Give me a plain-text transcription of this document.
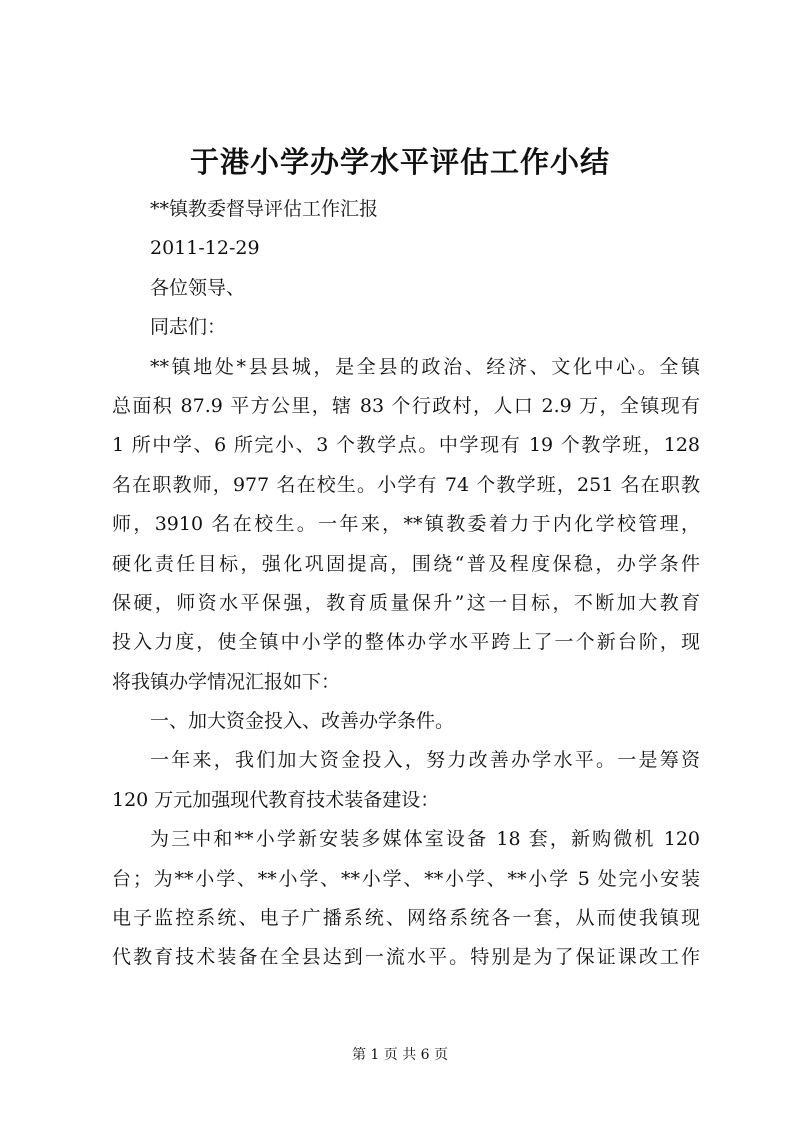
于港小学办学水平评估工作小结
**镇教委督导评估工作汇报
2011-12-29
各位领导、
同志们：
**镇地处*县县城，是全县的政治、经济、文化中心。全镇
总面积 87.9 平方公里，辖 83 个行政村，人口 2.9 万，全镇现有
1 所中学、6 所完小、3 个教学点。中学现有 19 个教学班，128
名在职教师，977 名在校生。小学有 74 个教学班，251 名在职教
师，3910 名在校生。一年来，**镇教委着力于内化学校管理，
硬化责任目标，强化巩固提高，围绕“普及程度保稳，办学条件
保硬，师资水平保强，教育质量保升”这一目标，不断加大教育
投入力度，使全镇中小学的整体办学水平跨上了一个新台阶，现
将我镇办学情况汇报如下：
一、加大资金投入、改善办学条件。
一年来，我们加大资金投入，努力改善办学水平。一是筹资
120 万元加强现代教育技术装备建设：
为三中和**小学新安装多媒体室设备 18 套，新购微机 120
台；为**小学、**小学、**小学、**小学、**小学 5 处完小安装
电子监控系统、电子广播系统、网络系统各一套，从而使我镇现
代教育技术装备在全县达到一流水平。特别是为了保证课改工作
第 1 页 共 6 页
